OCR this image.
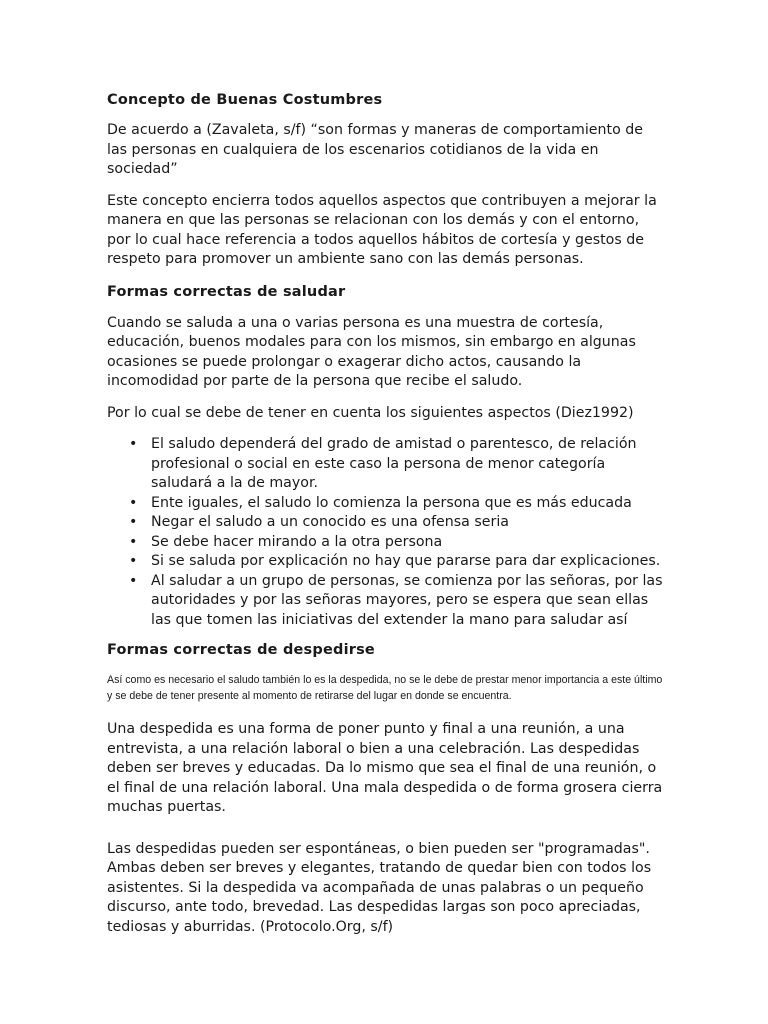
Concepto de Buenas Costumbres

De acuerdo a (Zavaleta, s/f) “son formas y maneras de comportamiento de las personas en cualquiera de los escenarios cotidianos de la vida en sociedad”

Este concepto encierra todos aquellos aspectos que contribuyen a mejorar la manera en que las personas se relacionan con los demás y con el entorno, por lo cual hace referencia a todos aquellos hábitos de cortesía y gestos de respeto para promover un ambiente sano con las demás personas.

Formas correctas de saludar

Cuando se saluda a una o varias persona es una muestra de cortesía, educación, buenos modales para con los mismos, sin embargo en algunas ocasiones se puede prolongar o exagerar dicho actos, causando la incomodidad por parte de la persona que recibe el saludo.

Por lo cual se debe de tener en cuenta los siguientes aspectos (Diez1992)

• El saludo dependerá del grado de amistad o parentesco, de relación profesional o social en este caso la persona de menor categoría saludará a la de mayor.
• Ente iguales, el saludo lo comienza la persona que es más educada
• Negar el saludo a un conocido es una ofensa seria
• Se debe hacer mirando a la otra persona
• Si se saluda por explicación no hay que pararse para dar explicaciones.
• Al saludar a un grupo de personas, se comienza por las señoras, por las autoridades y por las señoras mayores, pero se espera que sean ellas las que tomen las iniciativas del extender la mano para saludar así
Formas correctas de despedirse

Así como es necesario el saludo también lo es la despedida, no se le debe de prestar menor importancia a este último y se debe de tener presente al momento de retirarse del lugar en donde se encuentra.

Una despedida es una forma de poner punto y final a una reunión, a una entrevista, a una relación laboral o bien a una celebración. Las despedidas deben ser breves y educadas. Da lo mismo que sea el final de una reunión, o el final de una relación laboral. Una mala despedida o de forma grosera cierra muchas puertas.

Las despedidas pueden ser espontáneas, o bien pueden ser "programadas". Ambas deben ser breves y elegantes, tratando de quedar bien con todos los asistentes. Si la despedida va acompañada de unas palabras o un pequeño discurso, ante todo, brevedad. Las despedidas largas son poco apreciadas, tediosas y aburridas. (Protocolo.Org, s/f)
